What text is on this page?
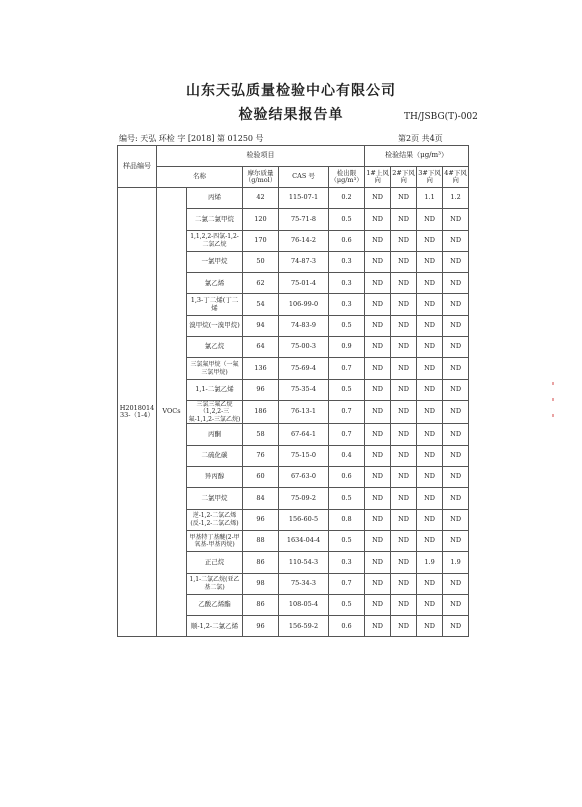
山东天弘质量检验中心有限公司
检验结果报告单	TH/JSBG(T)-002
编号: 天弘 环检 字 [2018] 第 01250 号	第2页 共4页
样品编号	检验项目					检验结果（μg/m³）			
	名称		摩尔质量（g/mol）	CAS 号	检出限（μg/m³）	1#上风向	2#下风向	3#下风向	4#下风向
H2018014 33-（1-4）	VOCs	丙烯	42	115-07-1	0.2	ND	ND	1.1	1.2
		二氯二氯甲烷	120	75-71-8	0.5	ND	ND	ND	ND
		1,1,2,2-四氯-1,2-二氯乙烷	170	76-14-2	0.6	ND	ND	ND	ND
		一氯甲烷	50	74-87-3	0.3	ND	ND	ND	ND
		氯乙烯	62	75-01-4	0.3	ND	ND	ND	ND
		1,3-丁二烯(丁二烯	54	106-99-0	0.3	ND	ND	ND	ND
		溴甲烷(一溴甲烷)	94	74-83-9	0.5	ND	ND	ND	ND
		氯乙烷	64	75-00-3	0.9	ND	ND	ND	ND
		三氯氟甲烷（一氟三氯甲烷)	136	75-69-4	0.7	ND	ND	ND	ND
		1,1-二氯乙烯	96	75-35-4	0.5	ND	ND	ND	ND
		三氯三氟乙烷（1,2,2-三氟-1,1,2-三氯乙烷)	186	76-13-1	0.7	ND	ND	ND	ND
		丙酮	58	67-64-1	0.7	ND	ND	ND	ND
		二硫化碳	76	75-15-0	0.4	ND	ND	ND	ND
		异丙醇	60	67-63-0	0.6	ND	ND	ND	ND
		二氯甲烷	84	75-09-2	0.5	ND	ND	ND	ND
		逆-1,2-二氯乙烯(反-1,2-二氯乙烯)	96	156-60-5	0.8	ND	ND	ND	ND
		甲基特丁基醚(2-甲氧基-甲基丙烷)	88	1634-04-4	0.5	ND	ND	ND	ND
		正己烷	86	110-54-3	0.3	ND	ND	1.9	1.9
		1,1-二氯乙烷(亚乙基二氯)	98	75-34-3	0.7	ND	ND	ND	ND
		乙酸乙烯酯	86	108-05-4	0.5	ND	ND	ND	ND
		顺-1,2-二氯乙烯	96	156-59-2	0.6	ND	ND	ND	ND
